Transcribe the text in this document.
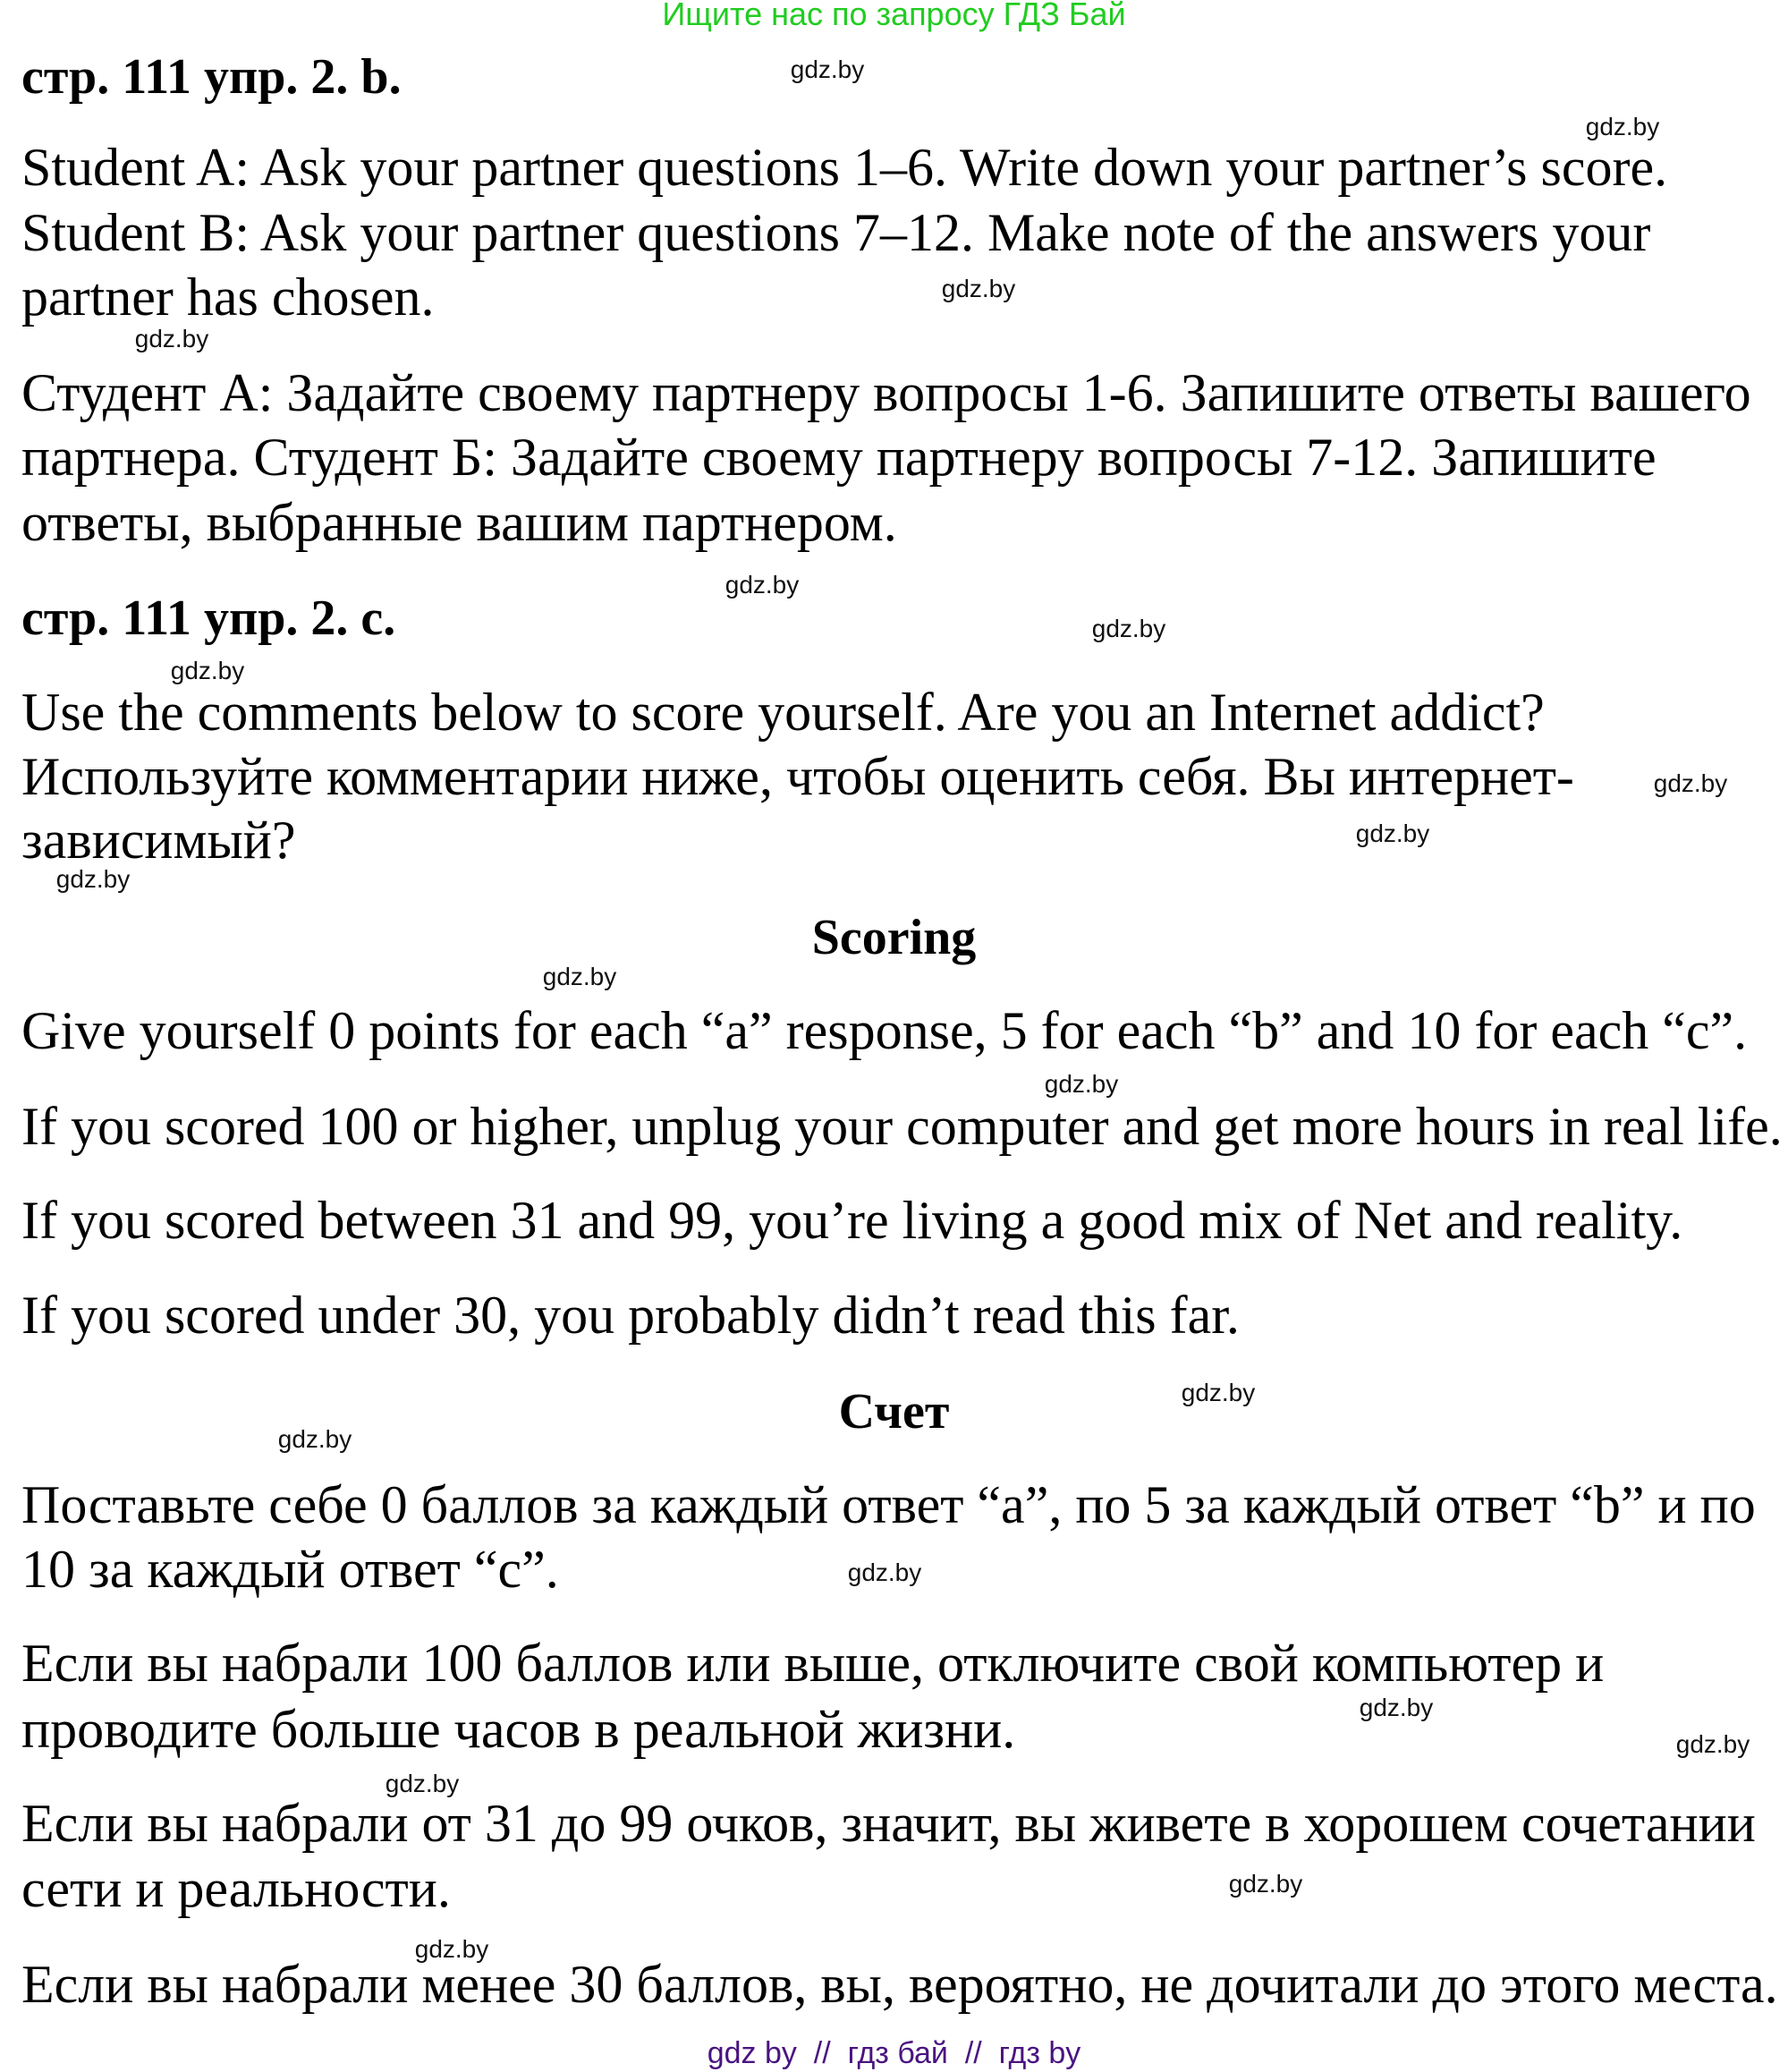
Ищите нас по запросу ГДЗ Бай
стр. 111 упр. 2. b.
Student A: Ask your partner questions 1–6. Write down your partner’s score.
Student B: Ask your partner questions 7–12. Make note of the answers your
partner has chosen.
Студент А: Задайте своему партнеру вопросы 1-6. Запишите ответы вашего
партнера. Студент Б: Задайте своему партнеру вопросы 7-12. Запишите
ответы, выбранные вашим партнером.
стр. 111 упр. 2. c.
Use the comments below to score yourself. Are you an Internet addict?
Используйте комментарии ниже, чтобы оценить себя. Вы интернет-
зависимый?
Scoring
Give yourself 0 points for each “a” response, 5 for each “b” and 10 for each “c”.
If you scored 100 or higher, unplug your computer and get more hours in real life.
If you scored between 31 and 99, you’re living a good mix of Net and reality.
If you scored under 30, you probably didn’t read this far.
Счет
Поставьте себе 0 баллов за каждый ответ “a”, по 5 за каждый ответ “b” и по
10 за каждый ответ “c”.
Если вы набрали 100 баллов или выше, отключите свой компьютер и
проводите больше часов в реальной жизни.
Если вы набрали от 31 до 99 очков, значит, вы живете в хорошем сочетании
сети и реальности.
Если вы набрали менее 30 баллов, вы, вероятно, не дочитали до этого места.
gdz.by
gdz.by
gdz.by
gdz.by
gdz.by
gdz.by
gdz.by
gdz.by
gdz.by
gdz.by
gdz.by
gdz.by
gdz.by
gdz.by
gdz.by
gdz.by
gdz.by
gdz.by
gdz.by
gdz.by
gdz by  //  гдз бай  //  гдз by
